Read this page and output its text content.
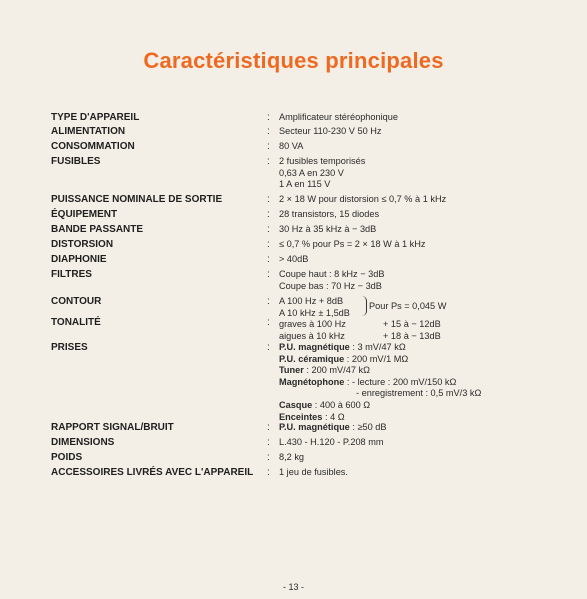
Caractéristiques principales
TYPE D'APPAREIL	: Amplificateur stéréophonique
ALIMENTATION	: Secteur 110-230 V 50 Hz
CONSOMMATION	: 80 VA
FUSIBLES	: 2 fusibles temporisés
0,63 A en 230 V
1 A en 115 V
PUISSANCE NOMINALE DE SORTIE	: 2 × 18 W pour distorsion ≤ 0,7 % à 1 kHz
ÉQUIPEMENT	: 28 transistors, 15 diodes
BANDE PASSANTE	: 30 Hz à 35 kHz à − 3dB
DISTORSION	: ≤ 0,7 % pour Ps = 2 × 18 W à 1 kHz
DIAPHONIE	: > 40dB
FILTRES	: Coupe haut : 8 kHz − 3dB
Coupe bas : 70 Hz − 3dB
CONTOUR	: A 100 Hz + 8dB
A 10 kHz ± 1,5dB
Pour Ps = 0,045 W
TONALITÉ	: graves à 100 Hz
aigues à 10 kHz
+ 15 à − 12dB
+ 18 à − 13dB
PRISES	: P.U. magnétique : 3 mV/47 kΩ
P.U. céramique : 200 mV/1 MΩ
Tuner : 200 mV/47 kΩ
Magnétophone : - lecture : 200 mV/150 kΩ
- enregistrement : 0,5 mV/3 kΩ
Casque : 400 à 600 Ω
Enceintes : 4 Ω
RAPPORT SIGNAL/BRUIT	: P.U. magnétique : ≥50 dB
DIMENSIONS	: L.430 - H.120 - P.208 mm
POIDS	: 8,2 kg
ACCESSOIRES LIVRÉS AVEC L'APPAREIL : 1 jeu de fusibles.
- 13 -
